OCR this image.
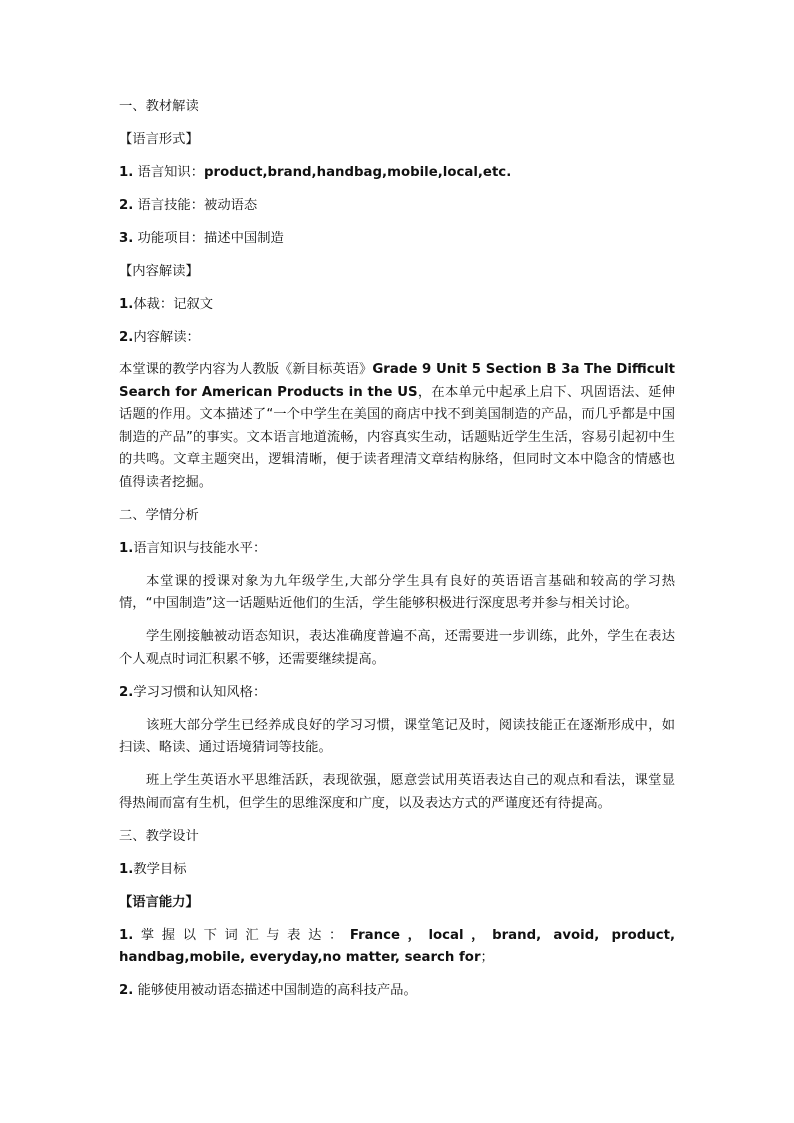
一、教材解读

【语言形式】

1. 语言知识：product,brand,handbag,mobile,local,etc.

2. 语言技能：被动语态

3. 功能项目：描述中国制造

【内容解读】

1.体裁：记叙文

2.内容解读：

本堂课的教学内容为人教版《新目标英语》Grade 9 Unit 5 Section B 3a The Difficult Search for American Products in the US，在本单元中起承上启下、巩固语法、延伸话题的作用。文本描述了“一个中学生在美国的商店中找不到美国制造的产品，而几乎都是中国制造的产品”的事实。文本语言地道流畅，内容真实生动，话题贴近学生生活，容易引起初中生的共鸣。文章主题突出，逻辑清晰，便于读者理清文章结构脉络，但同时文本中隐含的情感也值得读者挖掘。

二、学情分析

1.语言知识与技能水平：

本堂课的授课对象为九年级学生,大部分学生具有良好的英语语言基础和较高的学习热情，“中国制造”这一话题贴近他们的生活，学生能够积极进行深度思考并参与相关讨论。

学生刚接触被动语态知识，表达准确度普遍不高，还需要进一步训练，此外，学生在表达个人观点时词汇积累不够，还需要继续提高。

2.学习习惯和认知风格：

该班大部分学生已经养成良好的学习习惯，课堂笔记及时，阅读技能正在逐渐形成中，如扫读、略读、通过语境猜词等技能。

班上学生英语水平思维活跃，表现欲强，愿意尝试用英语表达自己的观点和看法，课堂显得热闹而富有生机，但学生的思维深度和广度，以及表达方式的严谨度还有待提高。

三、教学设计

1.教学目标

【语言能力】

1.掌握以下词汇与表达：France，local，brand, avoid, product, handbag,mobile, everyday,no matter, search for；

2. 能够使用被动语态描述中国制造的高科技产品。
